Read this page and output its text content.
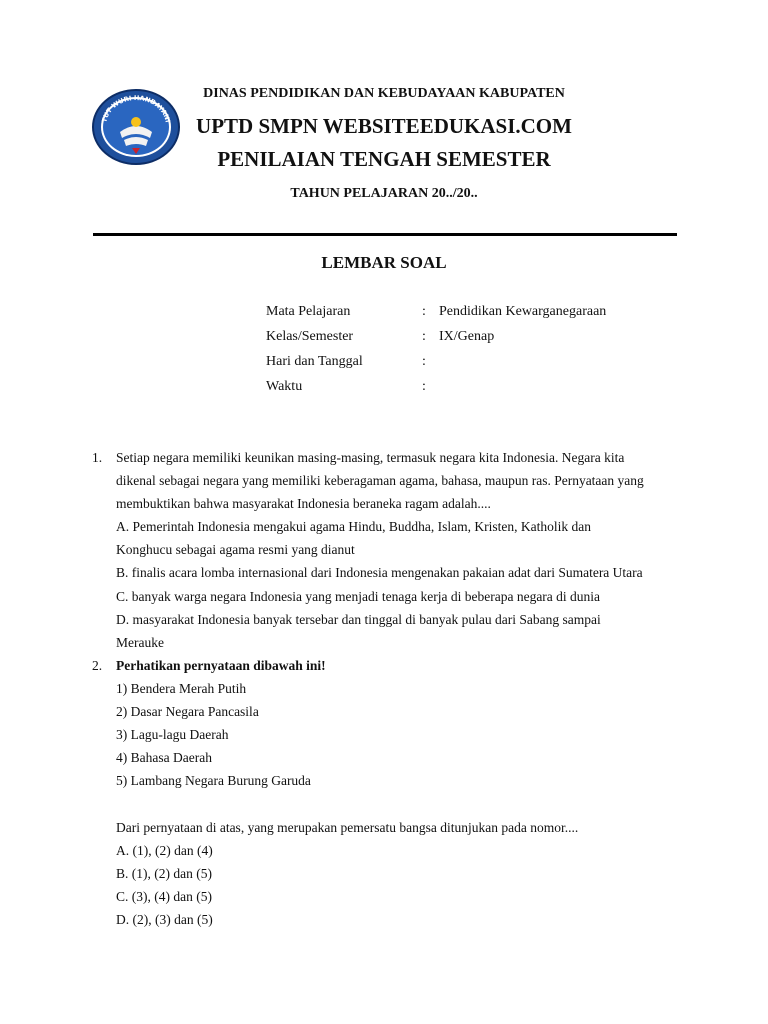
TUT WURI HANDAYANI
DINAS PENDIDIKAN DAN KEBUDAYAAN KABUPATEN
UPTD SMPN WEBSITEEDUKASI.COM
PENILAIAN TENGAH SEMESTER
TAHUN PELAJARAN 20../20..
LEMBAR SOAL
Mata Pelajaran	: Pendidikan Kewarganegaraan
Kelas/Semester	: IX/Genap
Hari dan Tanggal	:
Waktu	:
1. Setiap negara memiliki keunikan masing-masing, termasuk negara kita Indonesia. Negara kita
dikenal sebagai negara yang memiliki keberagaman agama, bahasa, maupun ras. Pernyataan yang
membuktikan bahwa masyarakat Indonesia beraneka ragam adalah....
A. Pemerintah Indonesia mengakui agama Hindu, Buddha, Islam, Kristen, Katholik dan
Konghucu sebagai agama resmi yang dianut
B. finalis acara lomba internasional dari Indonesia mengenakan pakaian adat dari Sumatera Utara
C. banyak warga negara Indonesia yang menjadi tenaga kerja di beberapa negara di dunia
D. masyarakat Indonesia banyak tersebar dan tinggal di banyak pulau dari Sabang sampai
Merauke
2. Perhatikan pernyataan dibawah ini!
1) Bendera Merah Putih
2) Dasar Negara Pancasila
3) Lagu-lagu Daerah
4) Bahasa Daerah
5) Lambang Negara Burung Garuda
Dari pernyataan di atas, yang merupakan pemersatu bangsa ditunjukan pada nomor....
A. (1), (2) dan (4)
B. (1), (2) dan (5)
C. (3), (4) dan (5)
D. (2), (3) dan (5)
